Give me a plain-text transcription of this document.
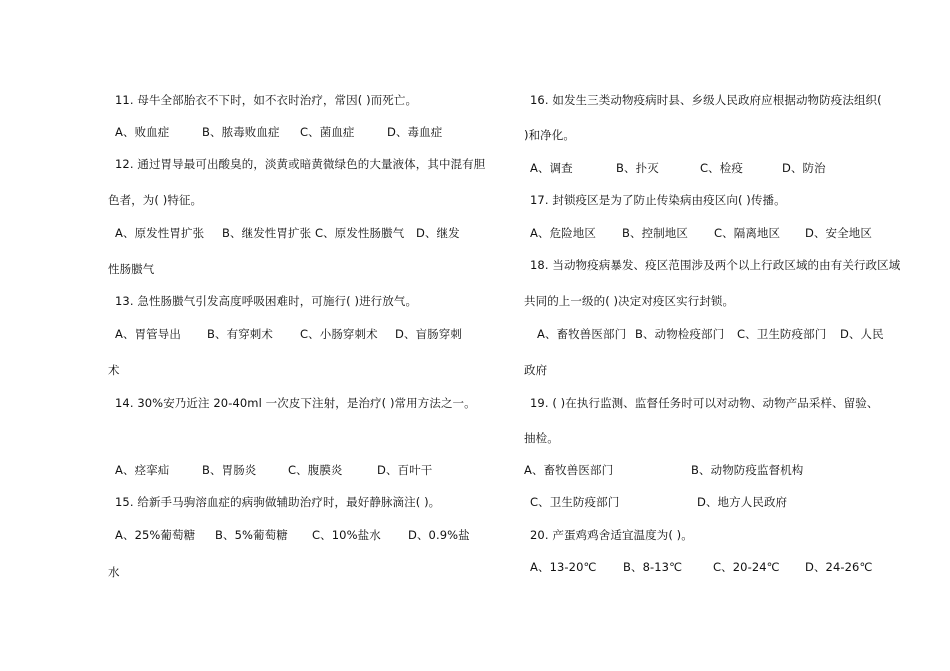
11. 母牛全部胎衣不下时，如不衣时治疗，常因( )而死亡。
A、败血症	B、脓毒败血症 C、菌血症	D、毒血症
12. 通过胃导最可出酸臭的，淡黄或暗黄微绿色的大量液体，其中混有胆
色者，为( )特征。
A、原发性胃扩张 B、继发性胃扩张 C、原发性肠臌气 D、继发
性肠臌气
13. 急性肠臌气引发高度呼吸困难时，可施行( )进行放气。
A、胃管导出 B、有穿刺术 C、小肠穿刺术 D、盲肠穿刺
术
14. 30%安乃近注 20-40ml 一次皮下注射，是治疗( )常用方法之一。
A、痉挛疝	B、胃肠炎	C、腹膜炎	D、百叶干
15. 给新手马驹溶血症的病驹做辅助治疗时，最好静脉滴注( )。
A、25%葡萄糖 B、5%葡萄糖 C、10%盐水 D、0.9%盐
水
16. 如发生三类动物疫病时县、乡级人民政府应根据动物防疫法组织(
)和净化。
A、调查	B、扑灭	C、检疫	D、防治
17. 封锁疫区是为了防止传染病由疫区向( )传播。
A、危险地区 B、控制地区 C、隔离地区 D、安全地区
18. 当动物疫病暴发、疫区范围涉及两个以上行政区域的由有关行政区域
共同的上一级的( )决定对疫区实行封锁。
A、畜牧兽医部门 B、动物检疫部门 C、卫生防疫部门 D、人民
政府
19. ( )在执行监测、监督任务时可以对动物、动物产品采样、留验、
抽检。
A、畜牧兽医部门	B、动物防疫监督机构
C、卫生防疫部门	D、地方人民政府
20. 产蛋鸡鸡舍适宜温度为( )。
A、13-20℃ B、8-13℃	C、20-24℃ D、24-26℃
